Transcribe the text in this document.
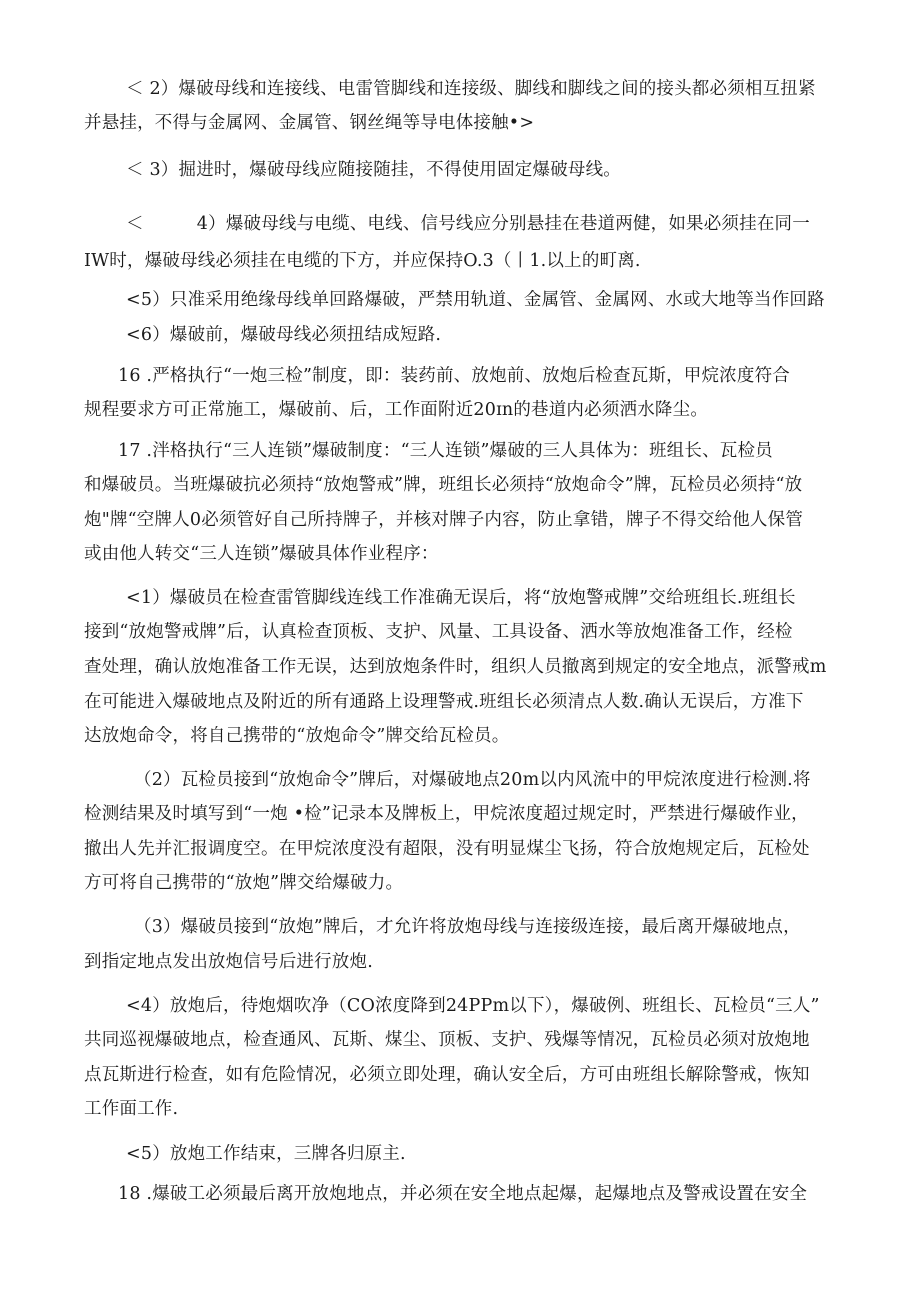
＜ 2）爆破母线和连接线、电雷管脚线和连接级、脚线和脚线之间的接头都必须相互扭紧
并悬挂，不得与金属网、金属管、钢丝绳等导电体接触•>
＜ 3）掘进时，爆破母线应随接随挂，不得使用固定爆破母线。
＜　　　4）爆破母线与电缆、电线、信号线应分别悬挂在巷道两健，如果必须挂在同一
IW时，爆破母线必须挂在电缆的下方，并应保持O.3（丨1.以上的町离.
<5）只准采用绝缘母线单回路爆破，严禁用轨道、金属管、金属网、水或大地等当作回路
<6）爆破前，爆破母线必须扭结成短路.
16 .严格执行“一炮三检”制度，即：装药前、放炮前、放炮后检查瓦斯，甲烷浓度符合
规程要求方可正常施工，爆破前、后，工作面附近20ɪn的巷道内必须洒水降尘。
17 .泮格执行“三人连锁”爆破制度：“三人连锁”爆破的三人具体为：班组长、瓦检员
和爆破员。当班爆破抗必须持“放炮警戒”牌，班组长必须持“放炮命令”牌，瓦检员必须持“放
炮"牌“空牌人0必须管好自己所持牌子，并核对牌子内容，防止拿错，牌子不得交给他人保管
或由他人转交“三人连锁”爆破具体作业程序：
<1）爆破员在检查雷管脚线连线工作准确无误后，将“放炮警戒牌”交给班组长.班组长
接到“放炮警戒牌”后，认真检查顶板、支护、风量、工具设备、洒水等放炮准备工作，经检
查处理，确认放炮准备工作无误，达到放炮条件时，组织人员撤离到规定的安全地点，派警戒m
在可能进入爆破地点及附近的所有通路上设理警戒.班组长必须清点人数.确认无误后，方准下
达放炮命令，将自己携带的“放炮命令”牌交给瓦检员。
（2）瓦检员接到“放炮命令”牌后，对爆破地点20m以内风流中的甲烷浓度进行检测.将
检测结果及时填写到“一炮 •检”记录本及牌板上，甲烷浓度超过规定时，严禁进行爆破作业，
撤出人先并汇报调度空。在甲烷浓度没有超限，没有明显煤尘飞扬，符合放炮规定后，瓦检处
方可将自己携带的“放炮”牌交给爆破力。
（3）爆破员接到“放炮”牌后，才允许将放炮母线与连接级连接，最后离开爆破地点，
到指定地点发出放炮信号后进行放炮.
<4）放炮后，待炮烟吹净（CO浓度降到24PPm以下），爆破例、班组长、瓦检员“三人”
共同巡视爆破地点，检查通风、瓦斯、煤尘、顶板、支护、残爆等情况，瓦检员必须对放炮地
点瓦斯进行检查，如有危险情况，必须立即处理，确认安全后，方可由班组长解除警戒，恢知
工作面工作.
<5）放炮工作结束，三牌各归原主.
18 .爆破工必须最后离开放炮地点，并必须在安全地点起爆，起爆地点及警戒设置在安全
